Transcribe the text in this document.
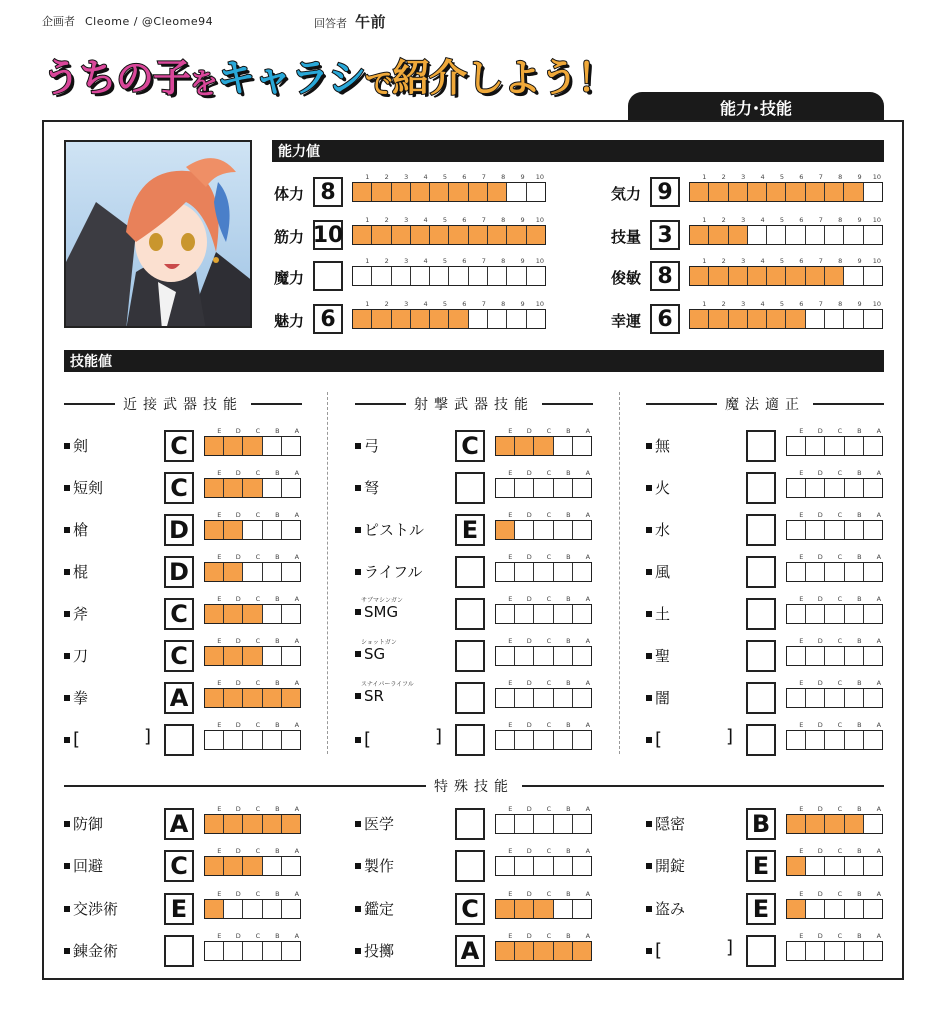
企画者 Cleome / @Cleome94	回答者 午前
うちの子 を キャラシ で 紹介しよう！
能力･技能
能力値
技能値
体力 8
1	2	3	4	5	6	7	8	9	10
筋力 10
1	2	3	4	5	6	7	8	9	10
魔力
1	2	3	4	5	6	7	8	9	10
魅力 6
1	2	3	4	5	6	7	8	9	10
気力 9
1	2	3	4	5	6	7	8	9	10
技量 3
1	2	3	4	5	6	7	8	9	10
俊敏 8
1	2	3	4	5	6	7	8	9	10
幸運 6
1	2	3	4	5	6	7	8	9	10
近接武器技能
剣	C
E	D	C	B	A
短剣	C
E	D	C	B	A
槍	D
E	D	C	B	A
棍	D
E	D	C	B	A
斧	C
E	D	C	B	A
刀	C
E	D	C	B	A
拳	A
E	D	C	B	A
[	]
E	D	C	B	A
射撃武器技能
弓	C
E	D	C	B	A
弩
E	D	C	B	A
ピストル E
E	D	C	B	A
ライフル
E	D	C	B	A
SMG
サブマシンガン	E	D	C	B	A
SG
ショットガン	E	D	C	B	A
SR
スナイパーライフル	E	D	C	B	A
[	]
E	D	C	B	A
魔法適正
無
E	D	C	B	A
火
E	D	C	B	A
水
E	D	C	B	A
風
E	D	C	B	A
土
E	D	C	B	A
聖
E	D	C	B	A
闇
E	D	C	B	A
[	]
E	D	C	B	A
特殊技能
防御	A
E	D	C	B	A
回避	C
E	D	C	B	A
交渉術 E
E	D	C	B	A
錬金術
E	D	C	B	A
医学
E	D	C	B	A
製作
E	D	C	B	A
鑑定	C
E	D	C	B	A
投擲	A
E	D	C	B	A
隠密	B
E	D	C	B	A
開錠	E
E	D	C	B	A
盗み	E
E	D	C	B	A
[	]
E	D	C	B	A
